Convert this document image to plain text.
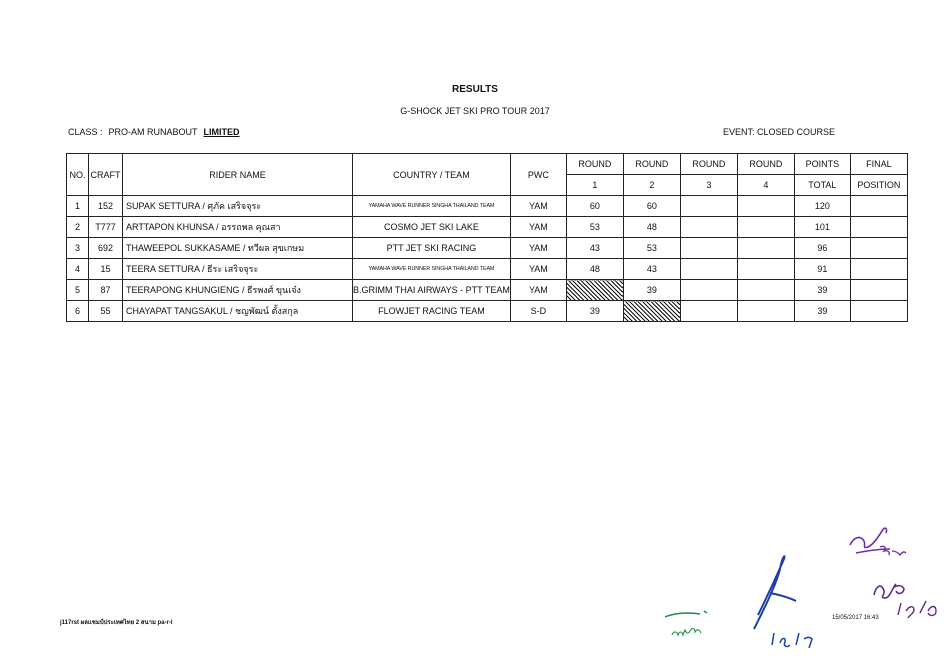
RESULTS
G-SHOCK JET SKI PRO TOUR 2017
CLASS : PRO-AM RUNABOUT LIMITED	EVENT: CLOSED COURSE
NO.	CRAFT	RIDER NAME	COUNTRY / TEAM	PWC	ROUND	ROUND	ROUND	ROUND	POINTS	FINAL
					1	2	3	4	TOTAL	POSITION
1	152	SUPAK SETTURA / ศุภัค เสริจจุระ	YAMAHA WAVE RUNNER SINGHA THAILAND TEAM	YAM	60	60			120	
2	T777	ARTTAPON KHUNSA / อรรถพล คุณสา	COSMO JET SKI LAKE	YAM	53	48			101	
3	692	THAWEEPOL SUKKASAME / ทวีผล สุขเกษม	PTT JET SKI RACING	YAM	43	53			96	
4	15	TEERA SETTURA / ธีระ เสริจจุระ	YAMAHA WAVE RUNNER SINGHA THAILAND TEAM	YAM	48	43			91	
5	87	TEERAPONG KHUNGIENG / ธีรพงศ์ ขุนเจ๋ง	B.GRIMM THAI AIRWAYS - PTT TEAM	YAM		39			39	
6	55	CHAYAPAT TANGSAKUL / ชญพัฒน์ ตั้งสกุล	FLOWJET RACING TEAM	S-D	39				39	
j117rst ผลแชมป์ประเทศไทย 2 สนาม pa-r-l
15/05/2017 16:43
